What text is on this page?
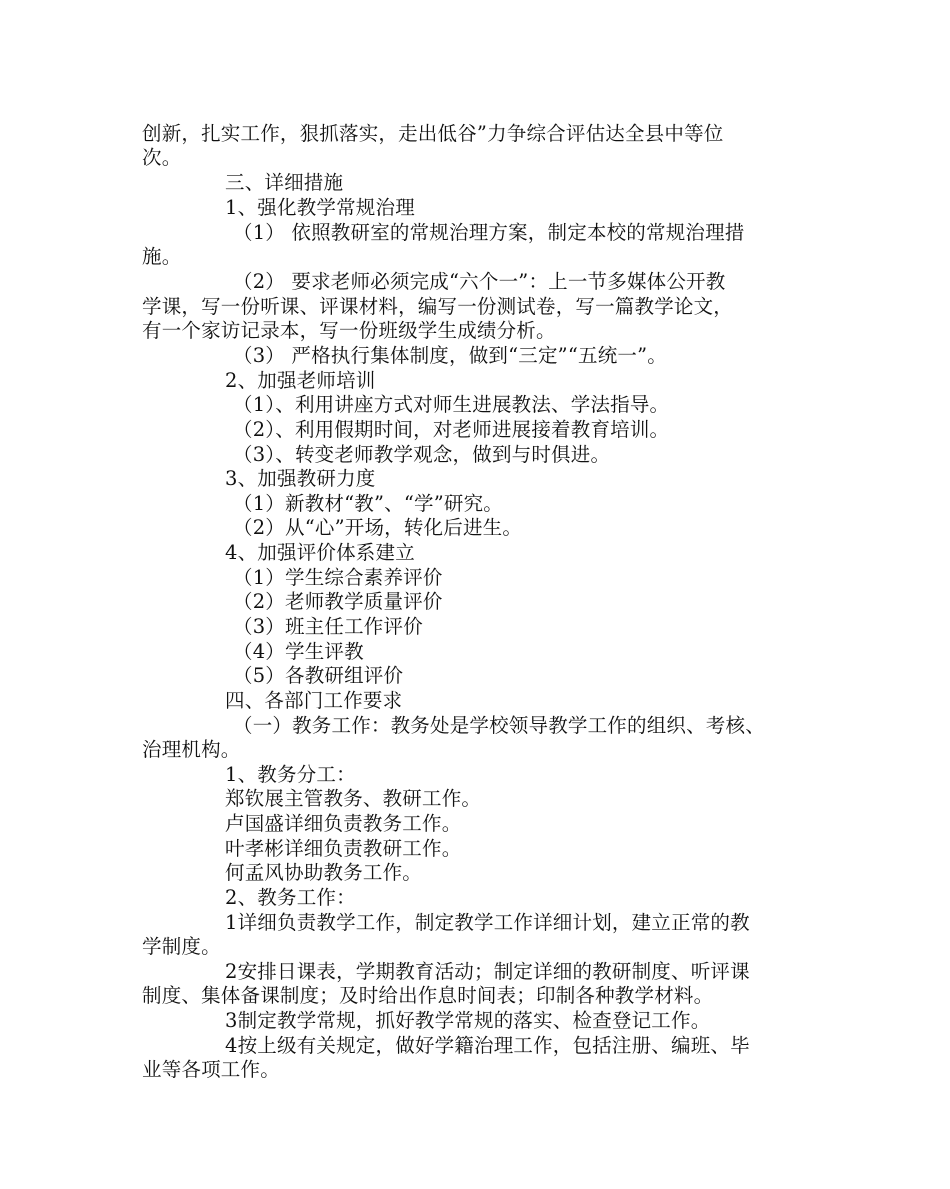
创新，扎实工作，狠抓落实，走出低谷”力争综合评估达全县中等位
次。
三、详细措施
1、强化教学常规治理
（1） 依照教研室的常规治理方案，制定本校的常规治理措
施。
（2） 要求老师必须完成“六个一”：上一节多媒体公开教
学课，写一份听课、评课材料，编写一份测试卷，写一篇教学论文，
有一个家访记录本，写一份班级学生成绩分析。
（3） 严格执行集体制度，做到“三定”“五统一”。
2、加强老师培训
（1）、利用讲座方式对师生进展教法、学法指导。
（2）、利用假期时间，对老师进展接着教育培训。
（3）、转变老师教学观念，做到与时俱进。
3、加强教研力度
（1）新教材“教”、“学”研究。
（2）从“心”开场，转化后进生。
4、加强评价体系建立
（1）学生综合素养评价
（2）老师教学质量评价
（3）班主任工作评价
（4）学生评教
（5）各教研组评价
四、各部门工作要求
（一）教务工作：教务处是学校领导教学工作的组织、考核、
治理机构。
1、教务分工：
郑钦展主管教务、教研工作。
卢国盛详细负责教务工作。
叶孝彬详细负责教研工作。
何孟风协助教务工作。
2、教务工作：
1详细负责教学工作，制定教学工作详细计划，建立正常的教
学制度。
2安排日课表，学期教育活动；制定详细的教研制度、听评课
制度、集体备课制度；及时给出作息时间表；印制各种教学材料。
3制定教学常规，抓好教学常规的落实、检查登记工作。
4按上级有关规定，做好学籍治理工作，包括注册、编班、毕
业等各项工作。
